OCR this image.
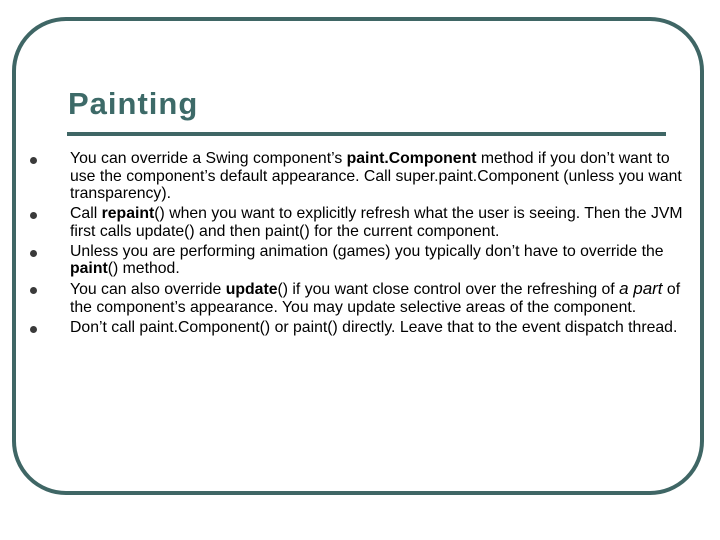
Painting
You can override a Swing component’s paint.Component method if you don’t want to use the component’s default appearance. Call super.paint.Component (unless you want transparency).
Call repaint() when you want to explicitly refresh what the user is seeing. Then the JVM first calls update() and then paint() for the current component.
Unless you are performing animation (games) you typically don’t have to override the paint() method.
You can also override update() if you want close control over the refreshing of a part of the component’s appearance. You may update selective areas of the component.
Don’t call paint.Component() or paint() directly. Leave that to the event dispatch thread.
